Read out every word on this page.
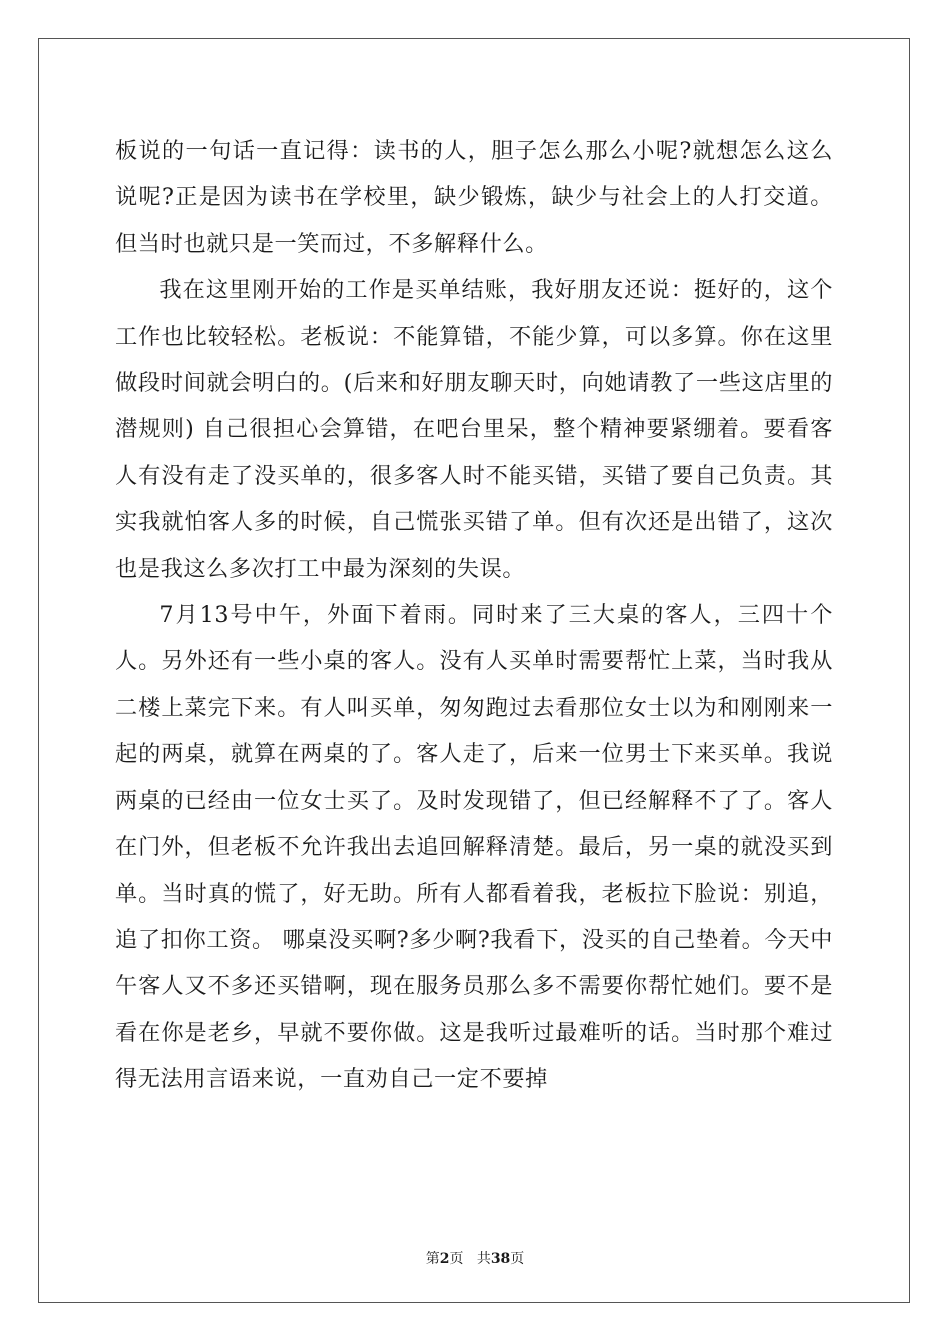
板说的一句话一直记得：读书的人，胆子怎么那么小呢?就想怎么这么说呢?正是因为读书在学校里，缺少锻炼，缺少与社会上的人打交道。但当时也就只是一笑而过，不多解释什么。

我在这里刚开始的工作是买单结账，我好朋友还说：挺好的，这个工作也比较轻松。老板说：不能算错，不能少算，可以多算。你在这里做段时间就会明白的。(后来和好朋友聊天时，向她请教了一些这店里的潜规则) 自己很担心会算错，在吧台里呆，整个精神要紧绷着。要看客人有没有走了没买单的，很多客人时不能买错，买错了要自己负责。其实我就怕客人多的时候，自己慌张买错了单。但有次还是出错了，这次也是我这么多次打工中最为深刻的失误。

7月13号中午，外面下着雨。同时来了三大桌的客人，三四十个人。另外还有一些小桌的客人。没有人买单时需要帮忙上菜，当时我从二楼上菜完下来。有人叫买单，匆匆跑过去看那位女士以为和刚刚来一起的两桌，就算在两桌的了。客人走了，后来一位男士下来买单。我说两桌的已经由一位女士买了。及时发现错了，但已经解释不了了。客人在门外，但老板不允许我出去追回解释清楚。最后，另一桌的就没买到单。当时真的慌了，好无助。所有人都看着我，老板拉下脸说：别追，追了扣你工资。 哪桌没买啊?多少啊?我看下，没买的自己垫着。今天中午客人又不多还买错啊，现在服务员那么多不需要你帮忙她们。要不是看在你是老乡，早就不要你做。这是我听过最难听的话。当时那个难过得无法用言语来说，一直劝自己一定不要掉

第2页 共38页
